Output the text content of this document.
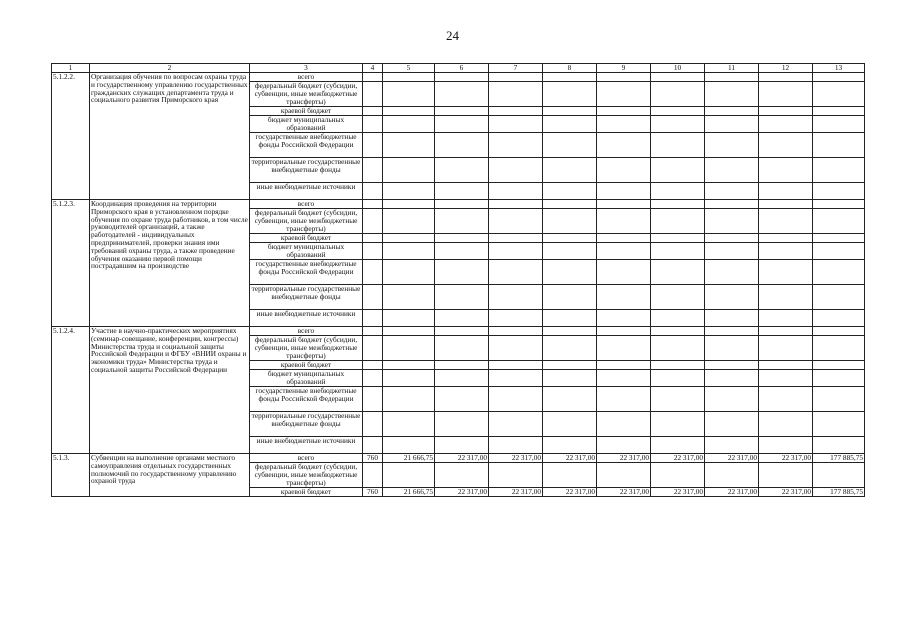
24
1	2	3	4	5	6	7	8	9	10	11	12	13
5.1.2.2.	Организация обучения по вопросам охраны труда и государственному управлению государственных гражданских служащих департамента труда и социального развития Приморского края	всего										
		федеральный бюджет (субсидии, субвенции, иные межбюджетные трансферты)										
		краевой бюджет										
		бюджет муниципальных образований										
		государственные внебюджетные фонды Российской Федерации										
		территориальные государственные внебюджетные фонды										
		иные внебюджетные источники										
5.1.2.3.	Координация проведения на территории Приморского края в установленном порядке обучения по охране труда работников, в том числе руководителей организаций, а также работодателей - индивидуальных предпринимателей, проверки знания ими требований охраны труда, а также проведение обучения оказанию первой помощи пострадавшим на производстве	всего										
		федеральный бюджет (субсидии, субвенции, иные межбюджетные трансферты)										
		краевой бюджет										
		бюджет муниципальных образований										
		государственные внебюджетные фонды Российской Федерации										
		территориальные государственные внебюджетные фонды										
		иные внебюджетные источники										
5.1.2.4.	Участие в научно-практических мероприятиях (семинар-совещание, конференции, конгрессы) Министерства труда и социальной защиты Российской Федерации и ФГБУ «ВНИИ охраны и экономики труда» Министерства труда и социальной защиты Российской Федерации	всего										
		федеральный бюджет (субсидии, субвенции, иные межбюджетные трансферты)										
		краевой бюджет										
		бюджет муниципальных образований										
		государственные внебюджетные фонды Российской Федерации										
		территориальные государственные внебюджетные фонды										
		иные внебюджетные источники										
5.1.3.	Субвенции на выполнение органами местного самоуправления отдельных государственных полномочий по государственному управлению охраной труда	всего	760	21 666,75	22 317,00	22 317,00	22 317,00	22 317,00	22 317,00	22 317,00	22 317,00	177 885,75
		федеральный бюджет (субсидии, субвенции, иные межбюджетные трансферты)										
		краевой бюджет	760	21 666,75	22 317,00	22 317,00	22 317,00	22 317,00	22 317,00	22 317,00	22 317,00	177 885,75
